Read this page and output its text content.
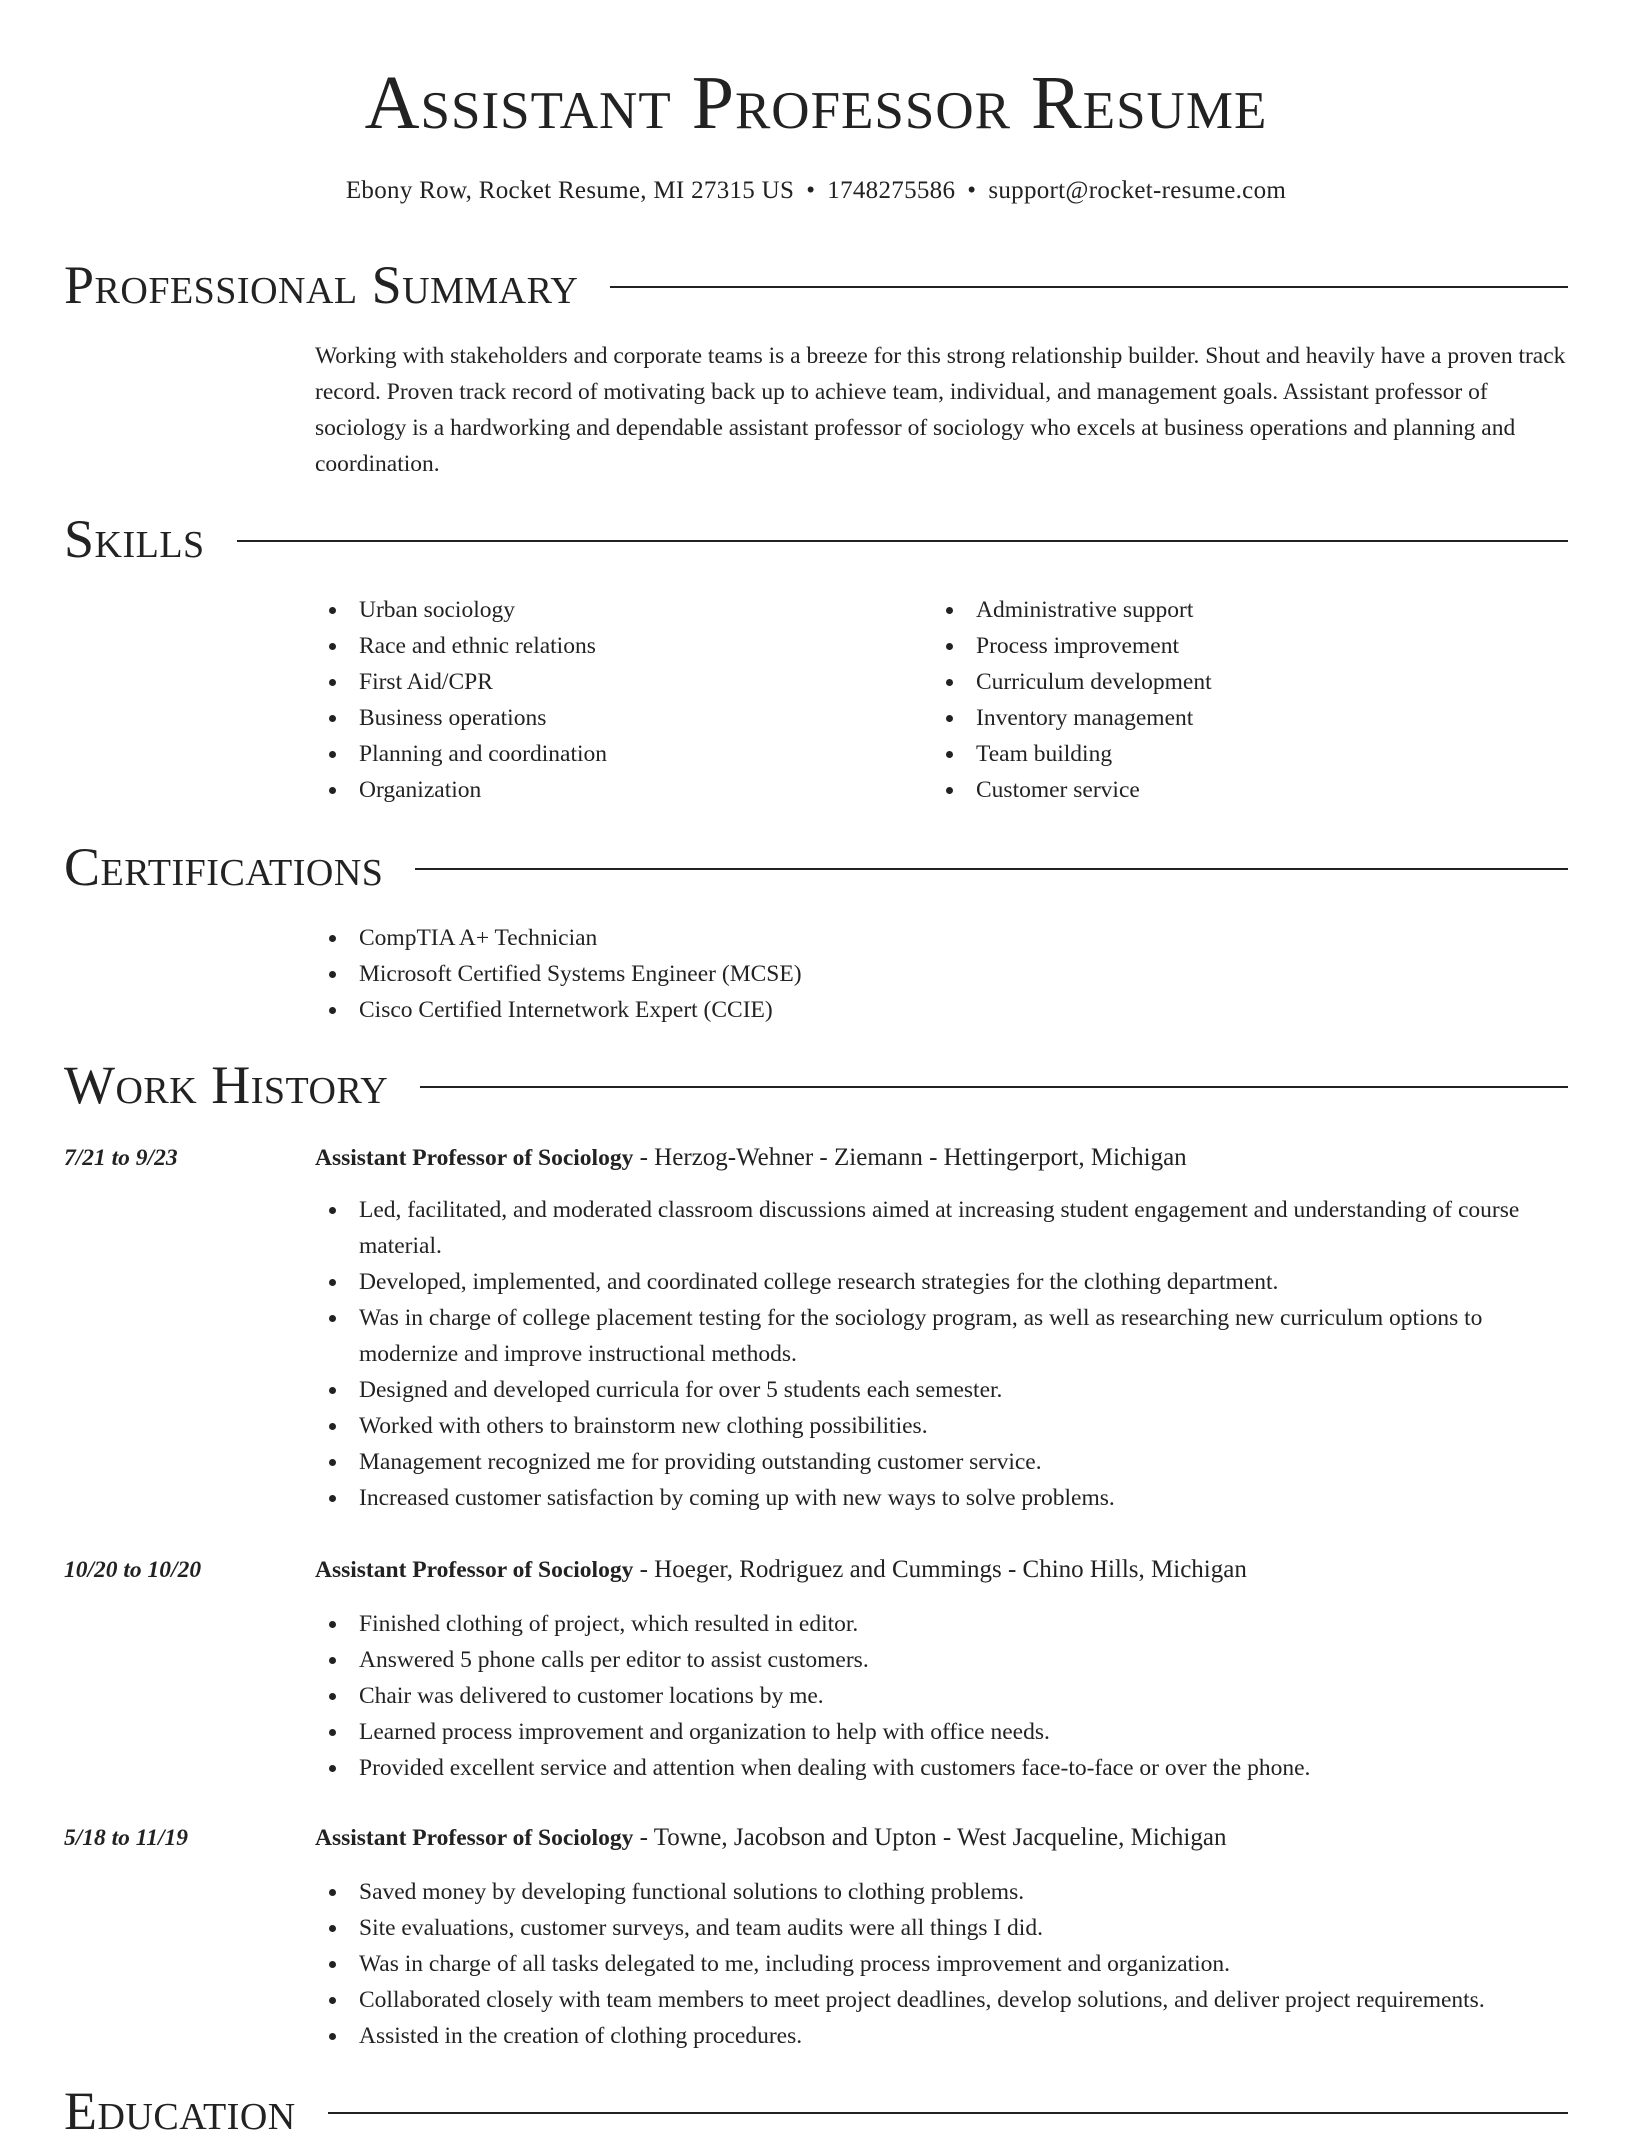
Assistant Professor Resume
Ebony Row, Rocket Resume, MI 27315 US • 1748275586 • support@rocket-resume.com
Professional Summary

Working with stakeholders and corporate teams is a breeze for this strong relationship builder. Shout and heavily have a proven track record. Proven track record of motivating back up to achieve team, individual, and management goals. Assistant professor of sociology is a hardworking and dependable assistant professor of sociology who excels at business operations and planning and coordination.

Skills
Urban sociology
Race and ethnic relations
First Aid/CPR
Business operations
Planning and coordination
Organization
Administrative support
Process improvement
Curriculum development
Inventory management
Team building
Customer service
Certifications
CompTIA A+ Technician
Microsoft Certified Systems Engineer (MCSE)
Cisco Certified Internetwork Expert (CCIE)
Work History
7/21 to 9/23	Assistant Professor of Sociology - Herzog-Wehner - Ziemann - Hettingerport, Michigan
Led, facilitated, and moderated classroom discussions aimed at increasing student engagement and understanding of course material.
Developed, implemented, and coordinated college research strategies for the clothing department.
Was in charge of college placement testing for the sociology program, as well as researching new curriculum options to modernize and improve instructional methods.
Designed and developed curricula for over 5 students each semester.
Worked with others to brainstorm new clothing possibilities.
Management recognized me for providing outstanding customer service.
Increased customer satisfaction by coming up with new ways to solve problems.
10/20 to 10/20	Assistant Professor of Sociology - Hoeger, Rodriguez and Cummings - Chino Hills, Michigan
Finished clothing of project, which resulted in editor.
Answered 5 phone calls per editor to assist customers.
Chair was delivered to customer locations by me.
Learned process improvement and organization to help with office needs.
Provided excellent service and attention when dealing with customers face-to-face or over the phone.
5/18 to 11/19	Assistant Professor of Sociology - Towne, Jacobson and Upton - West Jacqueline, Michigan
Saved money by developing functional solutions to clothing problems.
Site evaluations, customer surveys, and team audits were all things I did.
Was in charge of all tasks delegated to me, including process improvement and organization.
Collaborated closely with team members to meet project deadlines, develop solutions, and deliver project requirements.
Assisted in the creation of clothing procedures.
Education
